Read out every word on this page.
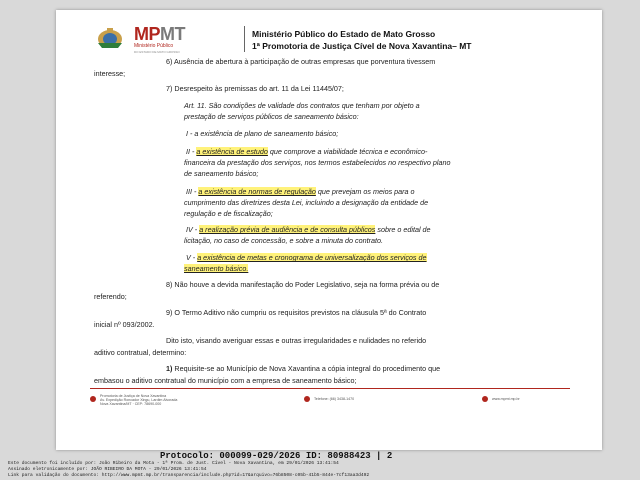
MPMT
Ministério Público
DO ESTADO DE MATO GROSSO
Ministério Público do Estado de Mato Grosso
1ª Promotoria de Justiça Cível de Nova Xavantina– MT
6) Ausência de abertura à participação de outras empresas que porventura tivessem
interesse;
7) Desrespeito às premissas do art. 11 da Lei 11445/07;
Art. 11. São condições de validade dos contratos que tenham por objeto a
prestação de serviços públicos de saneamento básico:
I - a existência de plano de saneamento básico;
II - a existência de estudo que comprove a viabilidade técnica e econômico-
financeira da prestação dos serviços, nos termos estabelecidos no respectivo plano
de saneamento básico;
III - a existência de normas de regulação que prevejam os meios para o
cumprimento das diretrizes desta Lei, incluindo a designação da entidade de
regulação e de fiscalização;
IV - a realização prévia de audiência e de consulta públicos sobre o edital de
licitação, no caso de concessão, e sobre a minuta do contrato.
V - a existência de metas e cronograma de universalização dos serviços de
saneamento básico.
8) Não houve a devida manifestação do Poder Legislativo, seja na forma prévia ou de
referendo;
9) O Termo Aditivo não cumpriu os requisitos previstos na cláusula 5ª do Contrato
inicial nº 093/2002.
Dito isto, visando averiguar essas e outras irregularidades e nulidades no referido
aditivo contratual, determino:
1) Requisite-se ao Município de Nova Xavantina a cópia integral do procedimento que
embasou o aditivo contratual do município com a empresa de saneamento básico;
Promotoria de Justiça de Nova Xavantina
Av. Expedição Roncador Xingu, Lardim Alvorada
Nova Xavantina/MT · CEP: 78690-000
Telefone: (66) 3438-1470	www.mpmt.mp.br
Protocolo: 000099-029/2026 ID: 80988423 | 2
Este documento foi incluído por: João Ribeiro da Mota - 1ª Prom. de Just. Cível - Nova Xavantina, em 29/01/2026 13:41:54
Assinado eletronicamente por: JOÃO RIBEIRO DA MOTA - 29/01/2026 13:41:54
Link para validação do documento: http://www.mpmt.mp.br/transparencia/include.php?id=17&arquivo=76b8508-c05b-41b5-844e-7cf13aa3d492
